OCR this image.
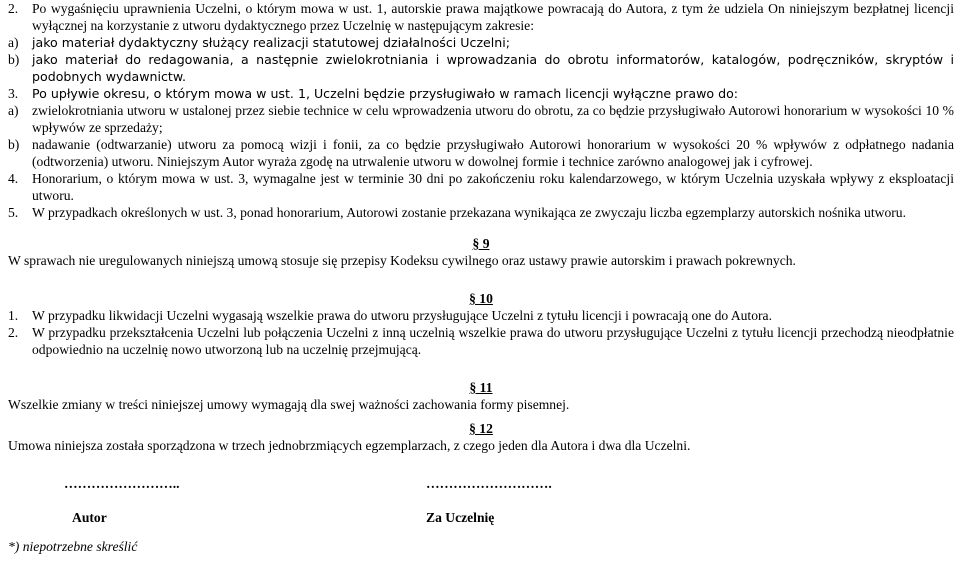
2.	Po wygaśnięciu uprawnienia Uczelni, o którym mowa w ust. 1, autorskie prawa majątkowe powracają do Autora, z tym że udziela On niniejszym bezpłatnej licencji wyłącznej na korzystanie z utworu dydaktycznego przez Uczelnię w następującym zakresie:
a)	jako materiał dydaktyczny służący realizacji statutowej działalności Uczelni;
b)	jako materiał do redagowania, a następnie zwielokrotniania i wprowadzania do obrotu informatorów, katalogów, podręczników, skryptów i podobnych wydawnictw.
3.	Po upływie okresu, o którym mowa w ust. 1, Uczelni będzie przysługiwało w ramach licencji wyłączne prawo do:
a) zwielokrotniania utworu w ustalonej przez siebie technice w celu wprowadzenia utworu do obrotu, za co będzie przysługiwało Autorowi honorarium w wysokości 10 % wpływów ze sprzedaży;
b) nadawanie (odtwarzanie) utworu za pomocą wizji i fonii, za co będzie przysługiwało Autorowi honorarium w wysokości 20 % wpływów z odpłatnego nadania (odtworzenia) utworu. Niniejszym Autor wyraża zgodę na utrwalenie utworu w dowolnej formie i technice zarówno analogowej jak i cyfrowej.
4.	Honorarium, o którym mowa w ust. 3, wymagalne jest w terminie 30 dni po zakończeniu roku kalendarzowego, w którym Uczelnia uzyskała wpływy z eksploatacji utworu.
5.	W przypadkach określonych w ust. 3, ponad honorarium, Autorowi zostanie przekazana wynikająca ze zwyczaju liczba egzemplarzy autorskich nośnika utworu.

§ 9

W sprawach nie uregulowanych niniejszą umową stosuje się przepisy Kodeksu cywilnego oraz ustawy prawie autorskim i prawach pokrewnych.

§ 10

1.	W przypadku likwidacji Uczelni wygasają wszelkie prawa do utworu przysługujące Uczelni z tytułu licencji i powracają one do Autora.
2.	W przypadku przekształcenia Uczelni lub połączenia Uczelni z inną uczelnią wszelkie prawa do utworu przysługujące Uczelni z tytułu licencji przechodzą nieodpłatnie odpowiednio na uczelnię nowo utworzoną lub na uczelnię przejmującą.

§ 11

Wszelkie zmiany w treści niniejszej umowy wymagają dla swej ważności zachowania formy pisemnej.

§ 12

Umowa niniejsza została sporządzona w trzech jednobrzmiących egzemplarzach, z czego jeden dla Autora i dwa dla Uczelni.

……………………..
Autor
……………………….
Za Uczelnię

*) niepotrzebne skreślić
